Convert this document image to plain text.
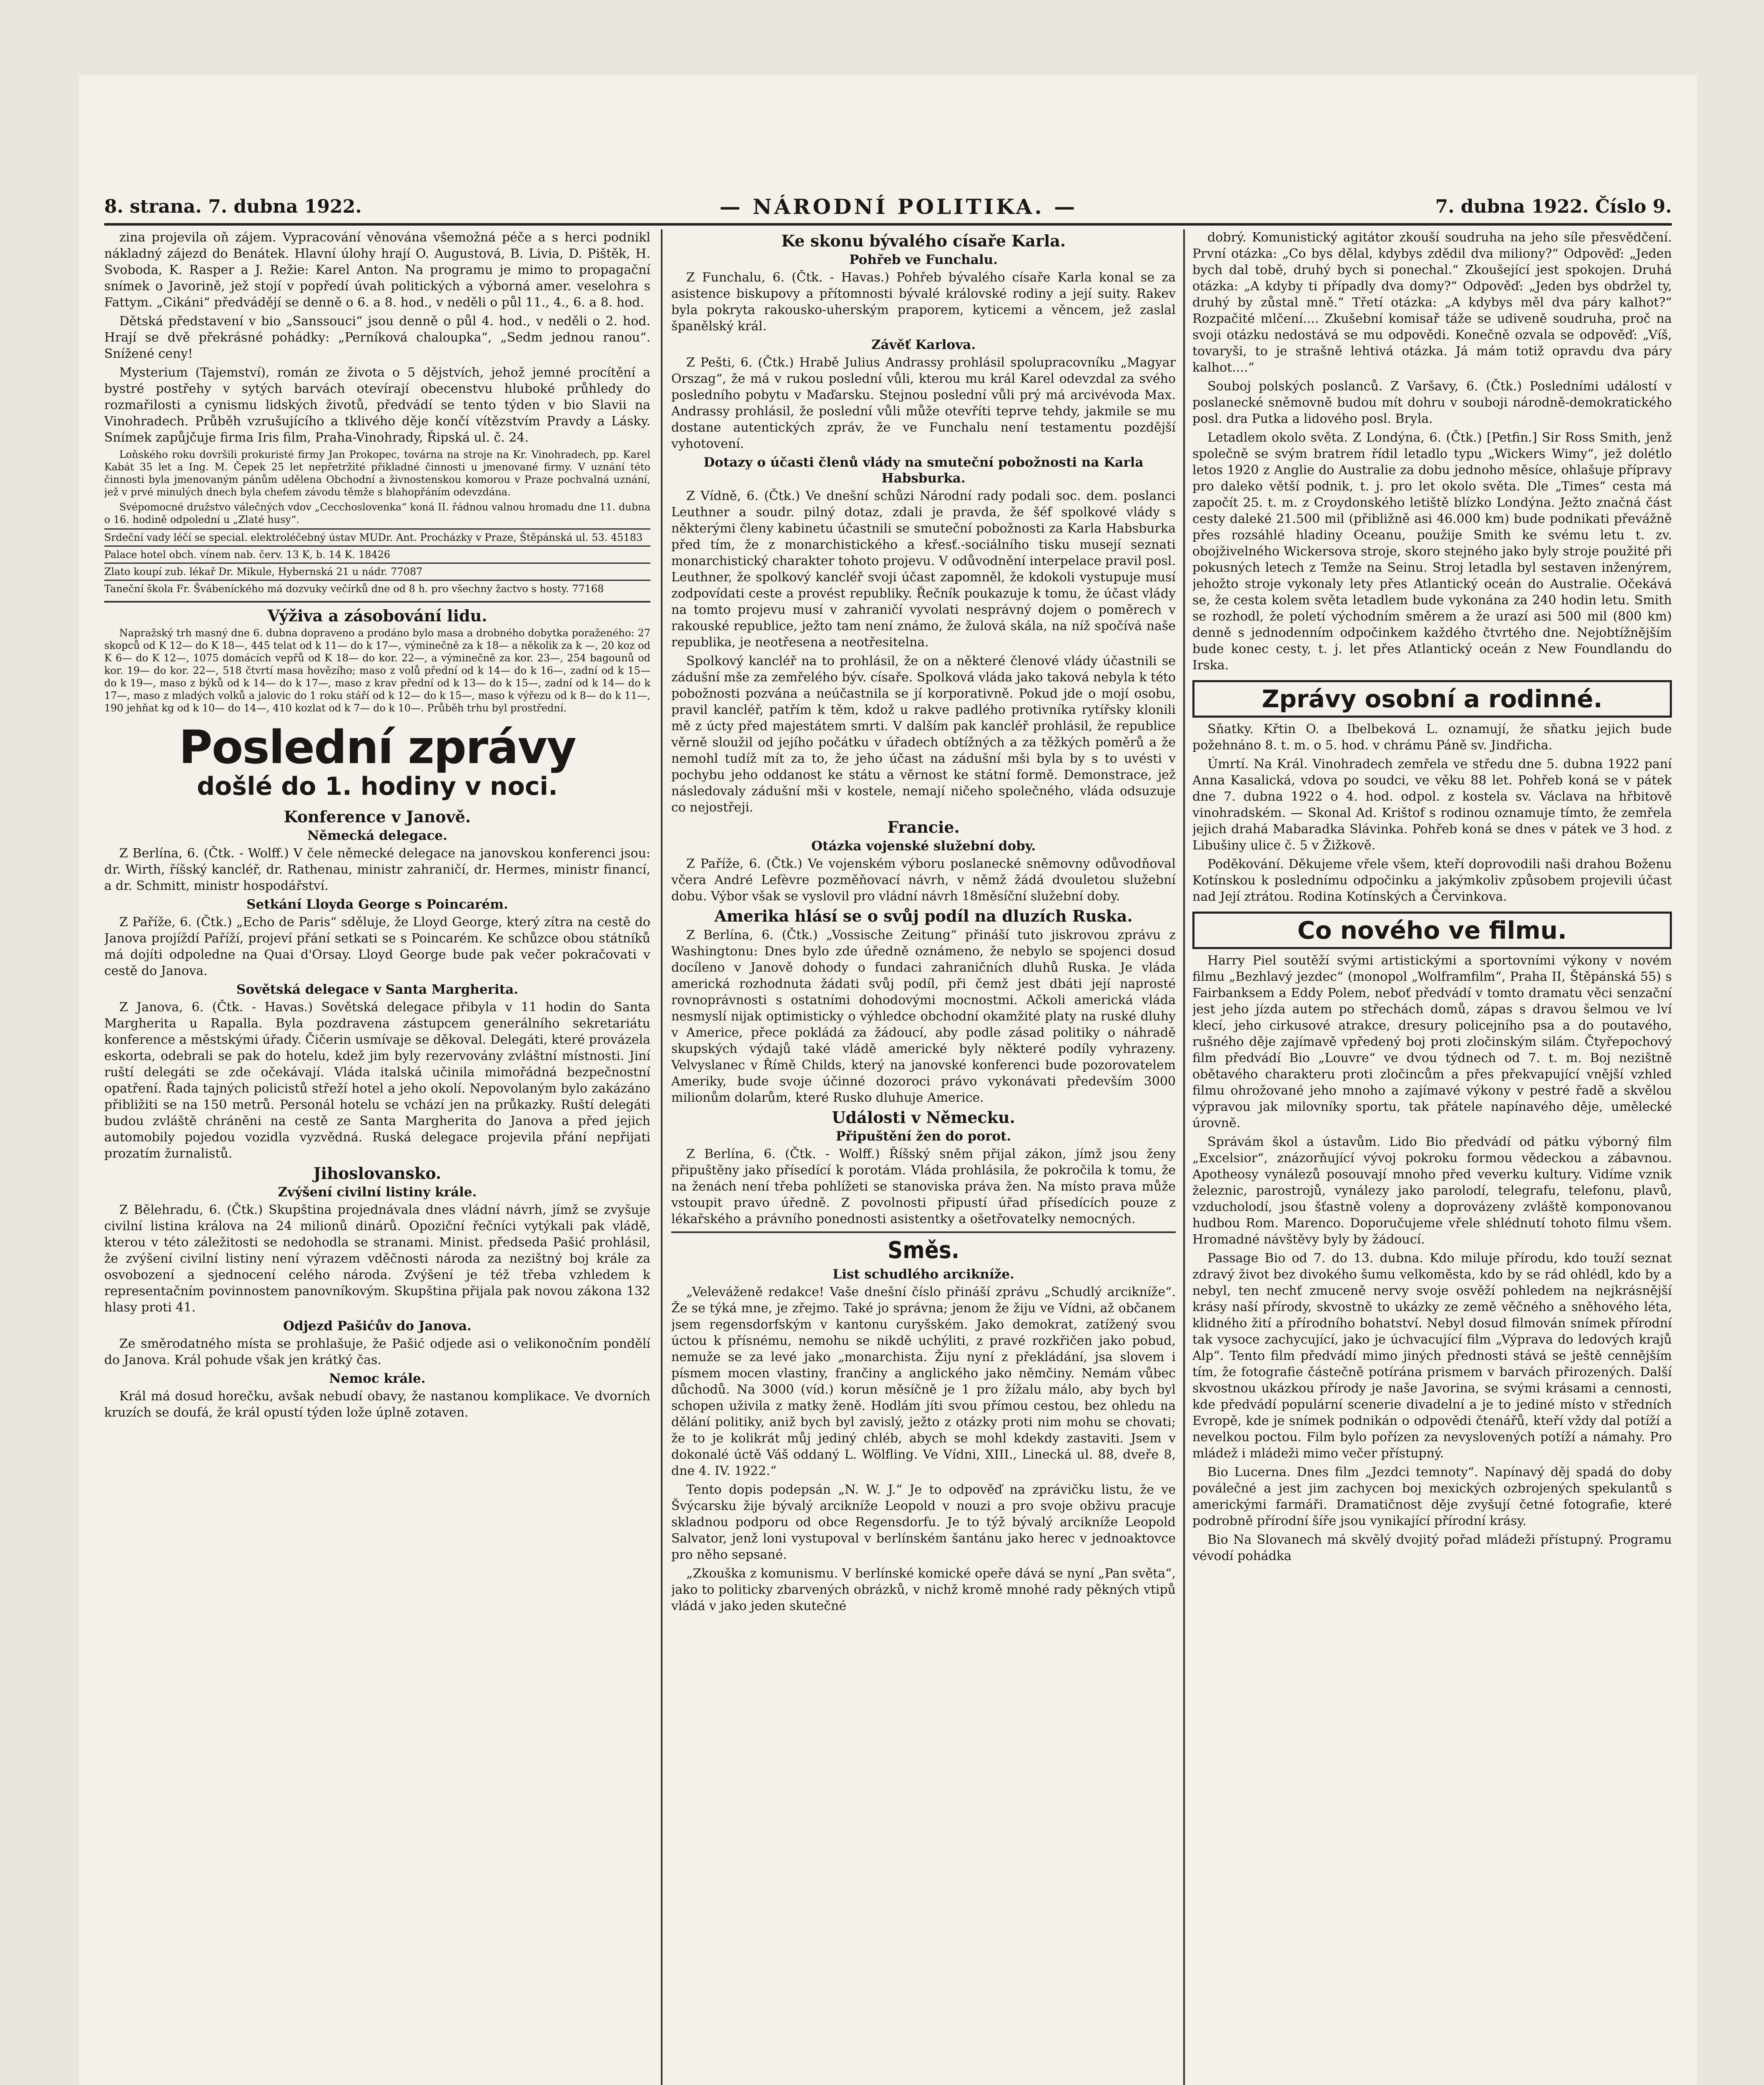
8. strana. 7. dubna 1922.	— NÁRODNÍ POLITIKA. —	7. dubna 1922. Číslo 9.

zina projevila oň zájem. Vypracování věnována všemožná péče a s herci podnikl nákladný zájezd do Benátek. Hlavní úlohy hrají O. Augustová, B. Livia, D. Pištěk, H. Svoboda, K. Rasper a J. Režie: Karel Anton. Na programu je mimo to propagační snímek o Javorině, jež stojí v popředí úvah politických a výborná amer. veselohra s Fattym. „Cikáni“ předvádějí se denně o 6. a 8. hod., v neděli o půl 11., 4., 6. a 8. hod.

Dětská představení v bio „Sanssouci“ jsou denně o půl 4. hod., v neděli o 2. hod. Hrají se dvě překrásné pohádky: „Perníková chaloupka“, „Sedm jednou ranou“. Snížené ceny!

Mysterium (Tajemství), román ze života o 5 dějstvích, jehož jemné procítění a bystré postřehy v sytých barvách otevírají obecenstvu hluboké průhledy do rozmařilosti a cynismu lidských životů, předvádí se tento týden v bio Slavii na Vinohradech. Průběh vzrušujícího a tklivého děje končí vítězstvím Pravdy a Lásky. Snímek zapůjčuje firma Iris film, Praha-Vinohrady, Řipská ul. č. 24.

Loňského roku dovršili prokuristé firmy Jan Prokopec, továrna na stroje na Kr. Vinohradech, pp. Karel Kabát 35 let a Ing. M. Čepek 25 let nepřetržité přikladné činnosti u jmenované firmy. V uznání této činnosti byla jmenovaným pánům udělena Obchodní a živnostenskou komorou v Praze pochvalná uznání, jež v prvé minulých dnech byla chefem závodu těmže s blahopřáním odevzdána.

Svépomocné družstvo válečných vdov „Cecchoslovenka“ koná II. řádnou valnou hromadu dne 11. dubna o 16. hodině odpolední u „Zlaté husy“.

Srdeční vady léčí se special. elektroléčebný ústav MUDr. Ant. Procházky v Praze, Štěpánská ul. 53. 45183
Palace hotel obch. vínem nab. červ. 13 K, b. 14 K. 18426
Zlato koupí zub. lékař Dr. Mikule, Hybernská 21 u nádr. 77087
Taneční škola Fr. Švábeníckého má dozvuky večírků dne od 8 h. pro všechny žactvo s hosty. 77168
Výživa a zásobování lidu.

Napražský trh masný dne 6. dubna dopraveno a prodáno bylo masa a drobného dobytka poraženého: 27 skopců od K 12— do K 18—, 445 telat od k 11— do k 17—, výminečně za k 18— a několik za k —, 20 koz od K 6— do K 12—, 1075 domácích vepřů od K 18— do kor. 22—, a výminečně za kor. 23—, 254 bagounů od kor. 19— do kor. 22—, 518 čtvrtí masa hovězího; maso z volů přední od k 14— do k 16—, zadní od k 15— do k 19—, maso z býků od k 14— do k 17—, maso z krav přední od k 13— do k 15—, zadní od k 14— do k 17—, maso z mladých volků a jalovic do 1 roku stáří od k 12— do k 15—, maso k výřezu od k 8— do k 11—, 190 jehňat kg od k 10— do 14—, 410 kozlat od k 7— do k 10—. Průběh trhu byl prostřední.

Poslední zprávy
došlé do 1. hodiny v noci.
Konference v Janově.
Německá delegace.

Z Berlína, 6. (Čtk. - Wolff.) V čele německé delegace na janovskou konferenci jsou: dr. Wirth, říšský kancléř, dr. Rathenau, ministr zahraničí, dr. Hermes, ministr financí, a dr. Schmitt, ministr hospodářství.

Setkání Lloyda George s Poincarém.

Z Paříže, 6. (Čtk.) „Echo de Paris“ sděluje, že Lloyd George, který zítra na cestě do Janova projíždí Paříží, projeví přání setkati se s Poincarém. Ke schůzce obou státníků má dojíti odpoledne na Quai d'Orsay. Lloyd George bude pak večer pokračovati v cestě do Janova.

Sovětská delegace v Santa Margherita.

Z Janova, 6. (Čtk. - Havas.) Sovětská delegace přibyla v 11 hodin do Santa Margherita u Rapalla. Byla pozdravena zástupcem generálního sekretariátu konference a městskými úřady. Čičerin usmívaje se děkoval. Delegáti, které provázela eskorta, odebrali se pak do hotelu, kdež jim byly rezervovány zvláštní místnosti. Jiní ruští delegáti se zde očekávají. Vláda italská učinila mimořádná bezpečnostní opatření. Řada tajných policistů střeží hotel a jeho okolí. Nepovolaným bylo zakázáno přibližiti se na 150 metrů. Personál hotelu se vchází jen na průkazky. Ruští delegáti budou zvláště chráněni na cestě ze Santa Margherita do Janova a před jejich automobily pojedou vozidla vyzvědná. Ruská delegace projevila přání nepřijati prozatím žurnalistů.

Jihoslovansko.
Zvýšení civilní listiny krále.

Z Bělehradu, 6. (Čtk.) Skupština projednávala dnes vládní návrh, jímž se zvyšuje civilní listina králova na 24 milionů dinárů. Opoziční řečníci vytýkali pak vládě, kterou v této záležitosti se nedohodla se stranami. Minist. předseda Pašić prohlásil, že zvýšení civilní listiny není výrazem vděčnosti národa za nezištný boj krále za osvobození a sjednocení celého národa. Zvýšení je též třeba vzhledem k representačním povinnostem panovníkovým. Skupština přijala pak novou zákona 132 hlasy proti 41.

Odjezd Pašićův do Janova.

Ze směrodatného místa se prohlašuje, že Pašić odjede asi o velikonočním pondělí do Janova. Král pohude však jen krátký čas.

Nemoc krále.

Král má dosud horečku, avšak nebudí obavy, že nastanou komplikace. Ve dvorních kruzích se doufá, že král opustí týden lože úplně zotaven.

Ke skonu bývalého císaře Karla.
Pohřeb ve Funchalu.

Z Funchalu, 6. (Čtk. - Havas.) Pohřeb bývalého císaře Karla konal se za asistence biskupovy a přítomnosti bývalé královské rodiny a její suity. Rakev byla pokryta rakousko-uherským praporem, kyticemi a věncem, jež zaslal španělský král.

Závěť Karlova.

Z Pešti, 6. (Čtk.) Hrabě Julius Andrassy prohlásil spolupracovníku „Magyar Orszag“, že má v rukou poslední vůli, kterou mu král Karel odevzdal za svého posledního pobytu v Maďarsku. Stejnou poslední vůli prý má arcivévoda Max. Andrassy prohlásil, že poslední vůli může otevříti teprve tehdy, jakmile se mu dostane autentických zpráv, že ve Funchalu není testamentu pozdější vyhotovení.

Dotazy o účasti členů vlády na smuteční pobožnosti na Karla Habsburka.

Z Vídně, 6. (Čtk.) Ve dnešní schůzi Národní rady podali soc. dem. poslanci Leuthner a soudr. pilný dotaz, zdali je pravda, že šéf spolkové vlády s některými členy kabinetu účastnili se smuteční pobožnosti za Karla Habsburka před tím, že z monarchistického a křesť.-sociálního tisku musejí seznati monarchistický charakter tohoto projevu. V odůvodnění interpelace pravil posl. Leuthner, že spolkový kancléř svoji účast zapomněl, že kdokoli vystupuje musí zodpovídati ceste a provést republiky. Řečník poukazuje k tomu, že účast vlády na tomto projevu musí v zahraničí vyvolati nesprávný dojem o poměrech v rakouské republice, ježto tam není známo, že žulová skála, na níž spočívá naše republika, je neotřesena a neotřesitelna.

Spolkový kancléř na to prohlásil, že on a některé členové vlády účastnili se zádušní mše za zemřelého býv. císaře. Spolková vláda jako taková nebyla k této pobožnosti pozvána a neúčastnila se jí korporativně. Pokud jde o mojí osobu, pravil kancléř, patřím k těm, kdož u rakve padlého protivníka rytířsky klonili mě z úcty před majestátem smrti. V dalším pak kancléř prohlásil, že republice věrně sloužil od jejího počátku v úřadech obtížných a za těžkých poměrů a že nemohl tudíž mít za to, že jeho účast na zádušní mši byla by s to uvésti v pochybu jeho oddanost ke státu a věrnost ke státní formě. Demonstrace, jež následovaly zádušní mši v kostele, nemají ničeho společného, vláda odsuzuje co nejostřeji.

Francie.
Otázka vojenské služební doby.

Z Paříže, 6. (Čtk.) Ve vojenském výboru poslanecké sněmovny odůvodňoval včera André Lefèvre pozměňovací návrh, v němž žádá dvouletou služební dobu. Výbor však se vyslovil pro vládní návrh 18měsíční služební doby.

Amerika hlásí se o svůj podíl na dluzích Ruska.

Z Berlína, 6. (Čtk.) „Vossische Zeitung“ přináší tuto jiskrovou zprávu z Washingtonu: Dnes bylo zde úředně oznámeno, že nebylo se spojenci dosud docíleno v Janově dohody o fundaci zahraničních dluhů Ruska. Je vláda americká rozhodnuta žádati svůj podíl, při čemž jest dbáti její naprosté rovnoprávnosti s ostatními dohodovými mocnostmi. Ačkoli americká vláda nesmyslí nijak optimisticky o výhledce obchodní okamžité platy na ruské dluhy v Americe, přece pokládá za žádoucí, aby podle zásad politiky o náhradě skupských výdajů také vládě americké byly některé podíly vyhrazeny. Velvyslanec v Římě Childs, který na janovské konferenci bude pozorovatelem Ameriky, bude svoje účinné dozoroci právo vykonávati především 3000 milionům dolarům, které Rusko dluhuje Americe.

Události v Německu.
Připuštění žen do porot.

Z Berlína, 6. (Čtk. - Wolff.) Říšský sněm přijal zákon, jímž jsou ženy připuštěny jako přísedící k porotám. Vláda prohlásila, že pokročila k tomu, že na ženách není třeba pohlížeti se stanoviska práva žen. Na místo prava může vstoupit pravo úředně. Z povolnosti připustí úřad přísedících pouze z lékařského a právního ponednosti asistentky a ošetřovatelky nemocných.

Směs.
List schudlého arcikníže.

„Veleváženě redakce! Vaše dnešní číslo přináší zprávu „Schudlý arcikníže“. Že se týká mne, je zřejmo. Také jo správna; jenom že žiju ve Vídni, až občanem jsem regensdorfským v kantonu curyšském. Jako demokrat, zatížený svou úctou k přísnému, nemohu se nikdě uchýliti, z pravé rozkřičen jako pobud, nemuže se za levé jako „monarchista. Žiju nyní z překládání, jsa slovem i písmem mocen vlastiny, frančiny a anglického jako němčiny. Nemám vůbec důchodů. Na 3000 (víd.) korun měsíčně je 1 pro žížalu málo, aby bych byl schopen uživila z matky ženě. Hodlám jíti svou přímou cestou, bez ohledu na dělání politiky, aniž bych byl zavislý, ježto z otázky proti nim mohu se chovati; že to je kolikrát můj jediný chléb, abych se mohl kdekdy zastaviti. Jsem v dokonalé úctě Váš oddaný L. Wölfling. Ve Vídni, XIII., Linecká ul. 88, dveře 8, dne 4. IV. 1922.“

Tento dopis podepsán „N. W. J.“ Je to odpověď na zprávičku listu, že ve Švýcarsku žije bývalý arcikníže Leopold v nouzi a pro svoje obživu pracuje skladnou podporu od obce Regensdorfu. Je to týž bývalý arcikníže Leopold Salvator, jenž loni vystupoval v berlínském šantánu jako herec v jednoaktovce pro něho sepsané.

„Zkouška z komunismu. V berlínské komické opeře dává se nyní „Pan světa“, jako to politicky zbarvených obrázků, v nichž kromě mnohé rady pěkných vtipů vládá v jako jeden skutečné

dobrý. Komunistický agitátor zkouší soudruha na jeho síle přesvědčení. První otázka: „Co bys dělal, kdybys zdědil dva miliony?“ Odpověď: „Jeden bych dal tobě, druhý bych si ponechal.“ Zkoušející jest spokojen. Druhá otázka: „A kdyby ti případly dva domy?“ Odpověď: „Jeden bys obdržel ty, druhý by zůstal mně.“ Třetí otázka: „A kdybys měl dva páry kalhot?“ Rozpačité mlčení.... Zkušební komisař táže se udiveně soudruha, proč na svoji otázku nedostává se mu odpovědi. Konečně ozvala se odpověď: „Víš, tovaryši, to je strašně lehtivá otázka. Já mám totiž opravdu dva páry kalhot....“

Souboj polských poslanců. Z Varšavy, 6. (Čtk.) Posledními událostí v poslanecké sněmovně budou mít dohru v souboji národně-demokratického posl. dra Putka a lidového posl. Bryla.

Letadlem okolo světa. Z Londýna, 6. (Čtk.) [Petfin.] Sir Ross Smith, jenž společně se svým bratrem řídil letadlo typu „Wickers Wimy“, jež dolétlo letos 1920 z Anglie do Australie za dobu jednoho měsíce, ohlašuje přípravy pro daleko větší podnik, t. j. pro let okolo světa. Dle „Times“ cesta má započít 25. t. m. z Croydonského letiště blízko Londýna. Ježto značná část cesty daleké 21.500 mil (přibližně asi 46.000 km) bude podnikati převážně přes rozsáhlé hladiny Oceanu, použije Smith ke svému letu t. zv. obojživelného Wickersova stroje, skoro stejného jako byly stroje použité při pokusných letech z Temže na Seinu. Stroj letadla byl sestaven inženýrem, jehožto stroje vykonaly lety přes Atlantický oceán do Australie. Očekává se, že cesta kolem světa letadlem bude vykonána za 240 hodin letu. Smith se rozhodl, že poletí východním směrem a že urazí asi 500 mil (800 km) denně s jednodenním odpočinkem každého čtvrtého dne. Nejobtížnějším bude konec cesty, t. j. let přes Atlantický oceán z New Foundlandu do Irska.

Zprávy osobní a rodinné.

Sňatky. Křtin O. a Ibelbeková L. oznamují, že sňatku jejich bude požehnáno 8. t. m. o 5. hod. v chrámu Páně sv. Jindřicha.

Úmrtí. Na Král. Vinohradech zemřela ve středu dne 5. dubna 1922 paní Anna Kasalická, vdova po soudci, ve věku 88 let. Pohřeb koná se v pátek dne 7. dubna 1922 o 4. hod. odpol. z kostela sv. Václava na hřbitově vinohradském. — Skonal Ad. Krištof s rodinou oznamuje tímto, že zemřela jejich drahá Mabaradka Slávinka. Pohřeb koná se dnes v pátek ve 3 hod. z Libušiny ulice č. 5 v Žižkově.

Poděkování. Děkujeme vřele všem, kteří doprovodili naši drahou Boženu Kotínskou k poslednímu odpočinku a jakýmkoliv způsobem projevili účast nad Její ztrátou. Rodina Kotínských a Červinkova.

Co nového ve filmu.

Harry Piel soutěží svými artistickými a sportovními výkony v novém filmu „Bezhlavý jezdec“ (monopol „Wolframfilm“, Praha II, Štěpánská 55) s Fairbanksem a Eddy Polem, neboť předvádí v tomto dramatu věci senzační jest jeho jízda autem po střechách domů, zápas s dravou šelmou ve lví klecí, jeho cirkusové atrakce, dresury policejního psa a do poutavého, rušného děje zajímavě vpředený boj proti zločinským silám. Čtyřepochový film předvádí Bio „Louvre“ ve dvou týdnech od 7. t. m. Boj nezištně obětavého charakteru proti zločincům a přes překvapující vnější vzhled filmu ohrožované jeho mnoho a zajímavé výkony v pestré řadě a skvělou výpravou jak milovníky sportu, tak přátele napínavého děje, umělecké úrovně.

Správám škol a ústavům. Lido Bio předvádí od pátku výborný film „Excelsior“, znázorňující vývoj pokroku formou vědeckou a zábavnou. Apotheosy vynálezů posouvají mnoho před veverku kultury. Vidíme vznik železnic, parostrojů, vynálezy jako parolodí, telegrafu, telefonu, plavů, vzducholodí, jsou šťastně voleny a doprovázeny zvláště komponovanou hudbou Rom. Marenco. Doporučujeme vřele shlédnutí tohoto filmu všem. Hromadné návštěvy byly by žádoucí.

Passage Bio od 7. do 13. dubna. Kdo miluje přírodu, kdo touží seznat zdravý život bez divokého šumu velkoměsta, kdo by se rád ohlédl, kdo by a nebyl, ten nechť zmuceně nervy svoje osvěží pohledem na nejkrásnější krásy naší přírody, skvostně to ukázky ze země věčného a sněhového léta, klidného žití a přírodního bohatství. Nebyl dosud filmován snímek přírodní tak vysoce zachycující, jako je úchvacující film „Výprava do ledových krajů Alp“. Tento film předvádí mimo jiných přednosti stává se ještě cennějším tím, že fotografie částečně potírána prismem v barvách přirozených. Další skvostnou ukázkou přírody je naše Javorina, se svými krásami a cennosti, kde předvádí populární scenerie divadelní a je to jediné místo v středních Evropě, kde je snímek podnikán o odpovědi čtenářů, kteří vždy dal potíží a nevelkou poctou. Film bylo pořízen za nevyslovených potíží a námahy. Pro mládež i mládeži mimo večer přístupný.

Bio Lucerna. Dnes film „Jezdci temnoty“. Napínavý děj spadá do doby poválečné a jest jim zachycen boj mexických ozbrojených spekulantů s americkými farmáři. Dramatičnost děje zvyšují četné fotografie, které podrobně přírodní šíře jsou vynikající přírodní krásy.

Bio Na Slovanech má skvělý dvojitý pořad mládeži přístupný. Programu vévodí pohádka
